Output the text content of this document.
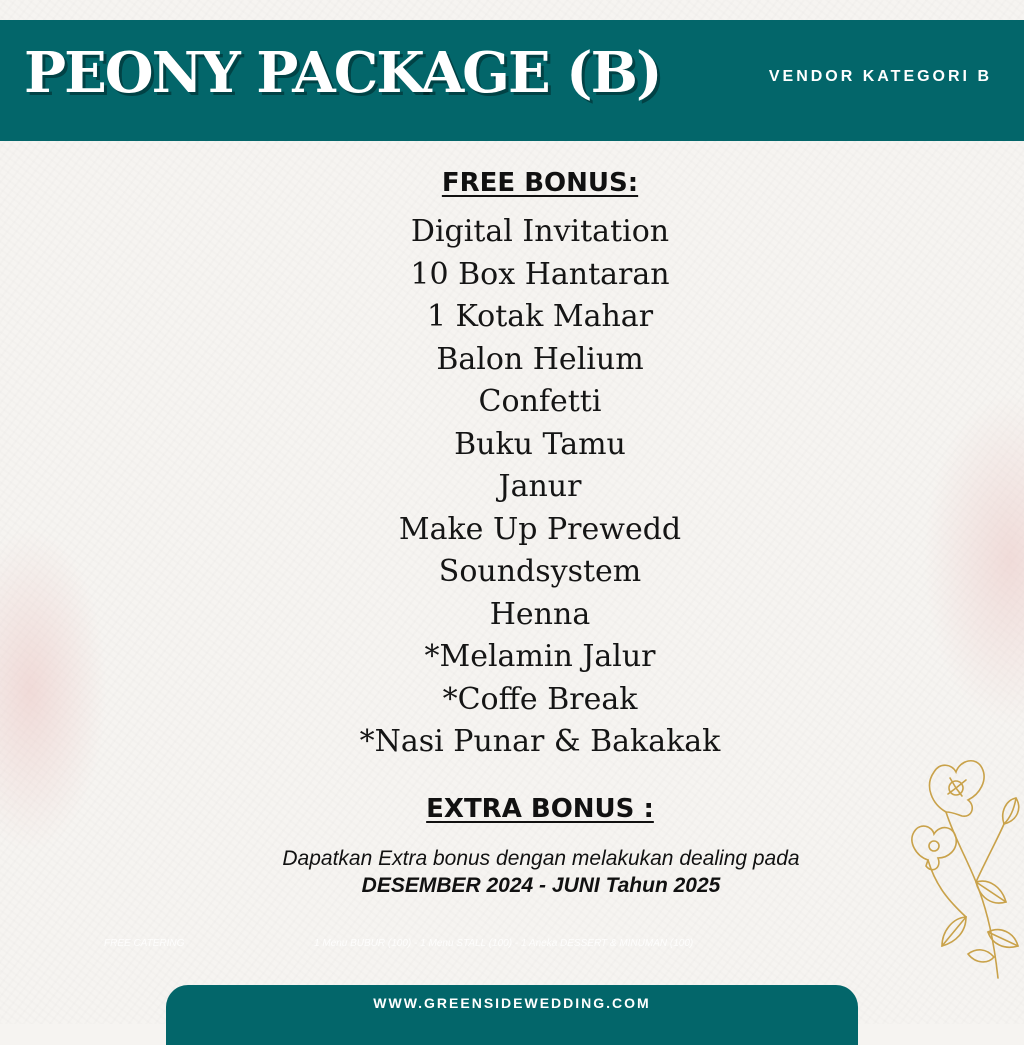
PEONY PACKAGE (B)	VENDOR KATEGORI B
FREE BONUS:
Digital Invitation
10 Box Hantaran
1 Kotak Mahar
Balon Helium
Confetti
Buku Tamu
Janur
Make Up Prewedd
Soundsystem
Henna
*Melamin Jalur
*Coffe Break
*Nasi Punar & Bakakak
EXTRA BONUS :
Dapatkan Extra bonus dengan melakukan dealing pada
DESEMBER 2024 - JUNI Tahun 2025
FREE CATERING	1 Menu BUBUR (100) - 1 Menu STALL (100) - 1 Aneka DESSERT & MINUMAN (100)
WWW.GREENSIDEWEDDING.COM
